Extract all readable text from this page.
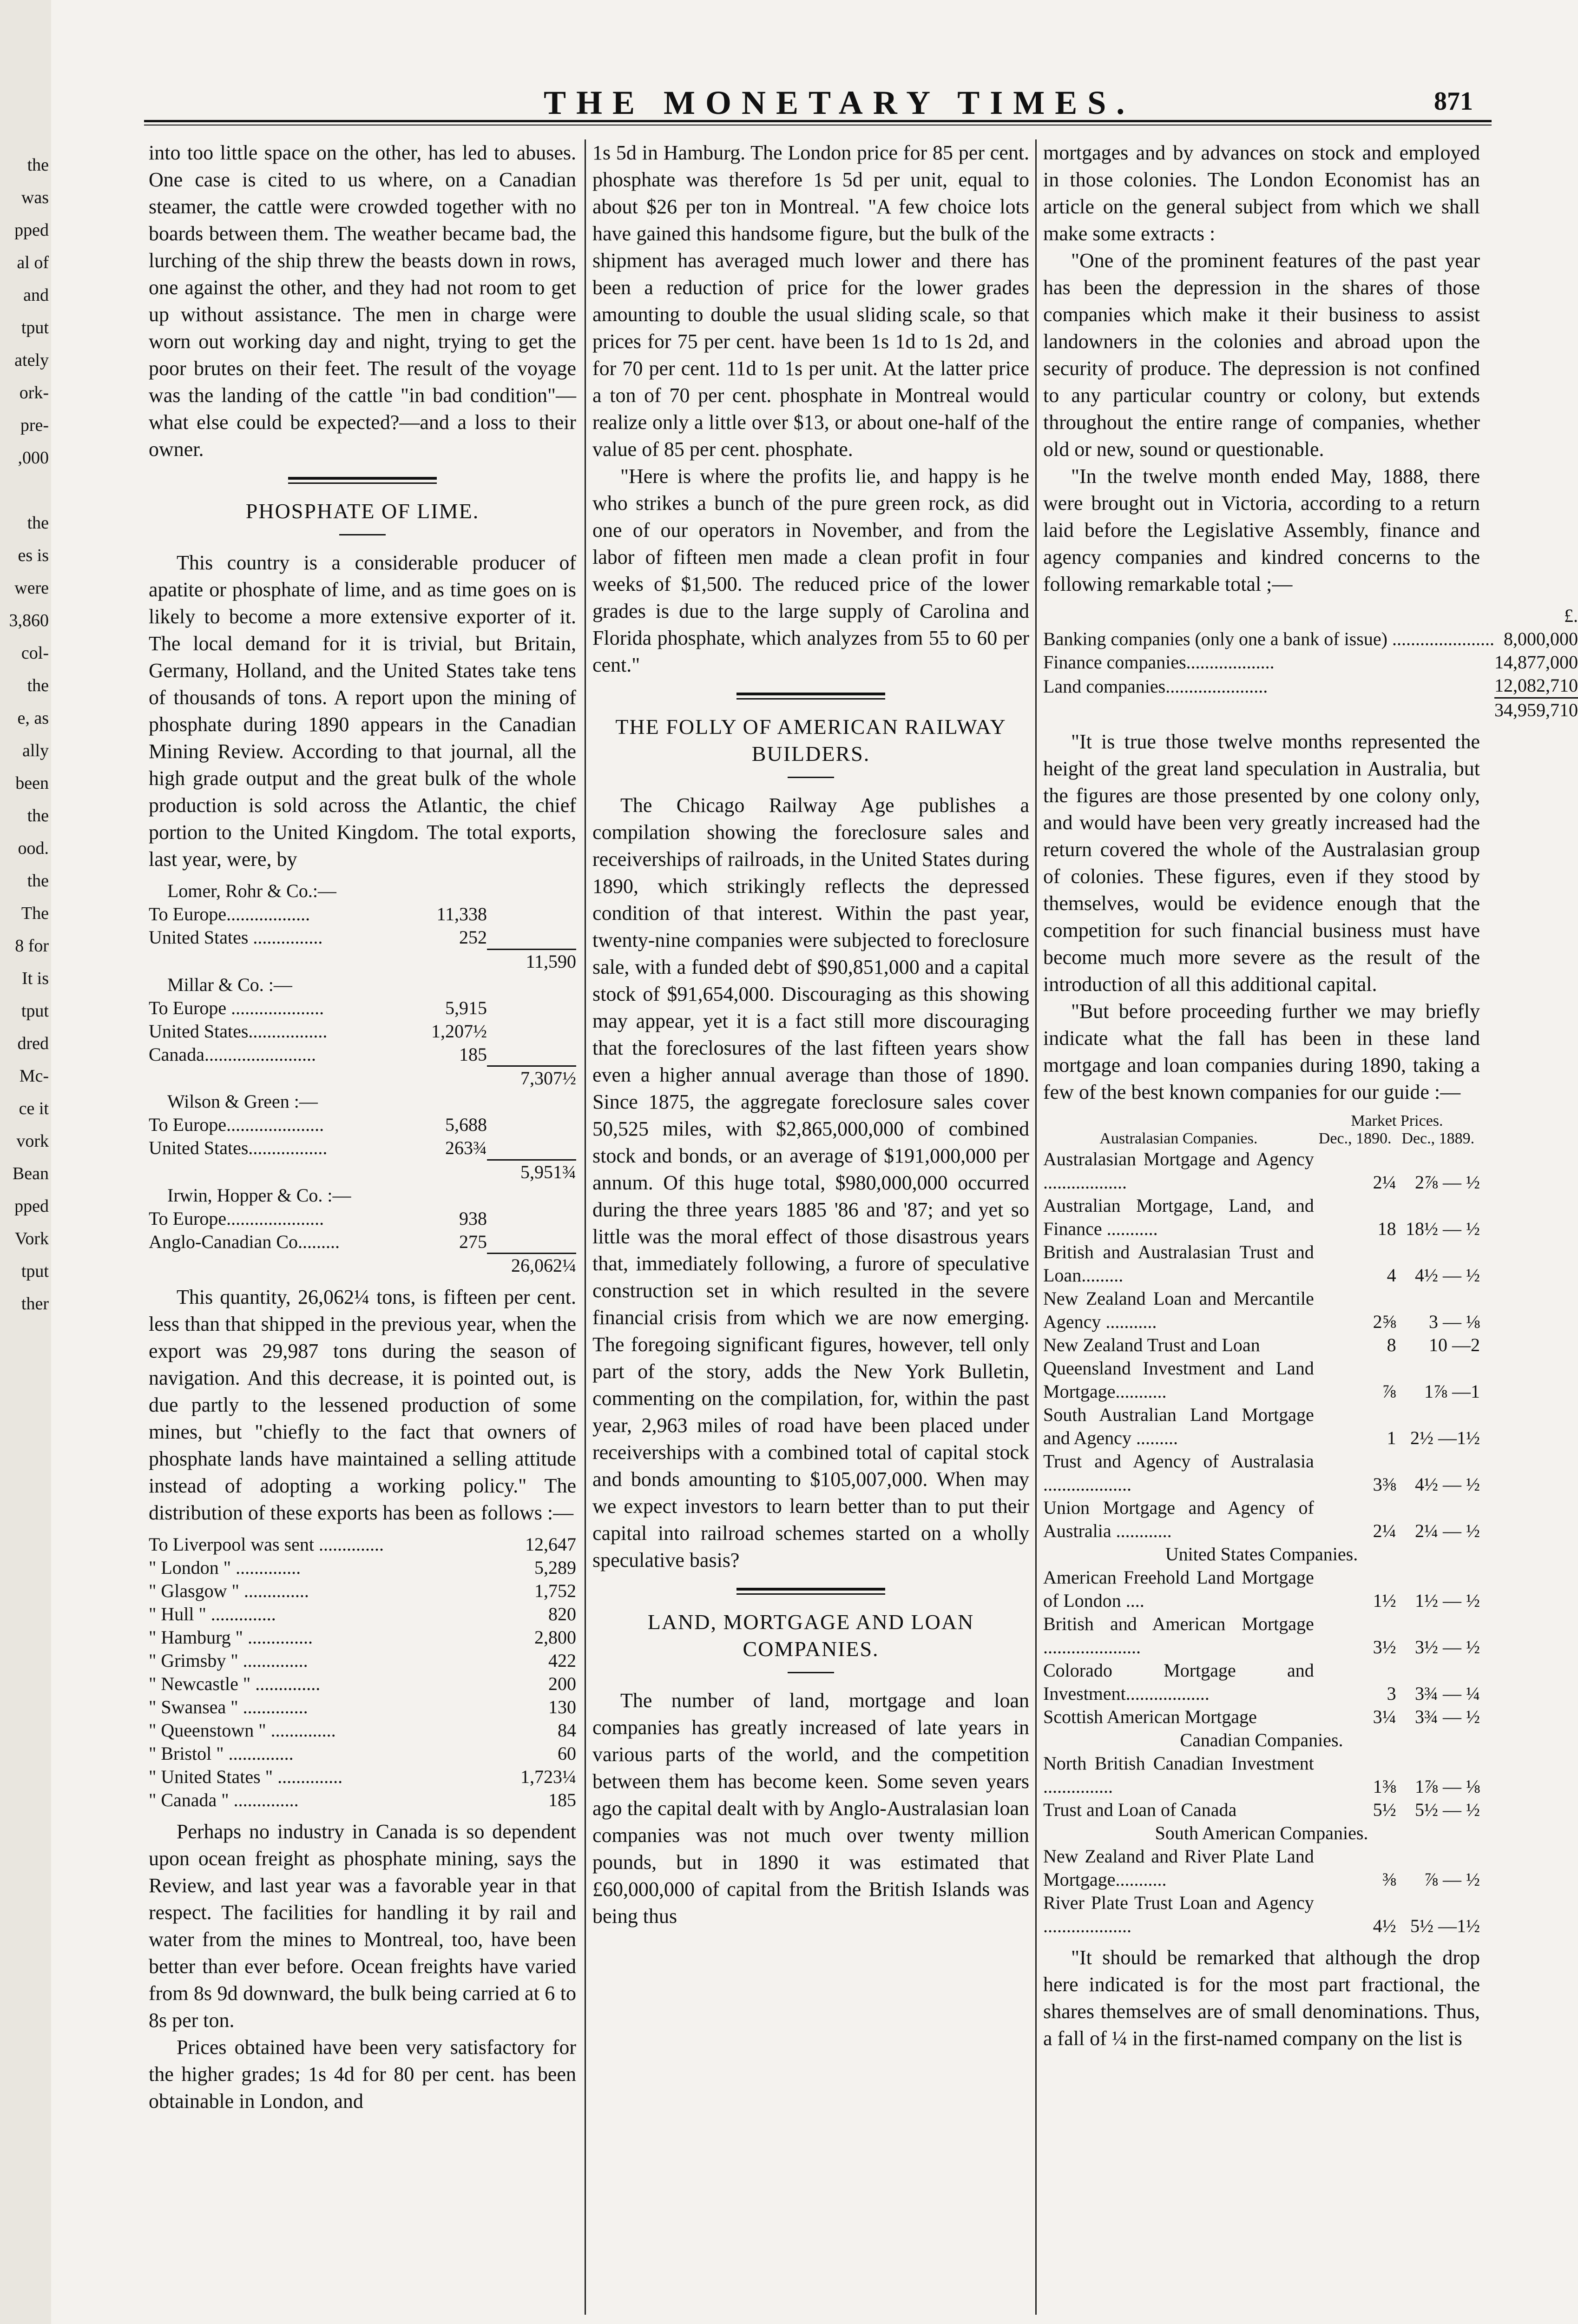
the
was
pped
al of
and
tput
ately
ork-
pre-
,000
the
es is
were
3,860
col-
the
e, as
ally
been
the
ood.
the
The
8 for
It is
tput
dred
Mc-
ce it
vork
Bean
pped
Vork
tput
ther
THE MONETARY TIMES.	871

into too little space on the other, has led to abuses. One case is cited to us where, on a Canadian steamer, the cattle were crowded together with no boards between them. The weather became bad, the lurching of the ship threw the beasts down in rows, one against the other, and they had not room to get up without assistance. The men in charge were worn out working day and night, trying to get the poor brutes on their feet. The result of the voyage was the landing of the cattle "in bad condition"—what else could be expected?—and a loss to their owner.

PHOSPHATE OF LIME.

This country is a considerable producer of apatite or phosphate of lime, and as time goes on is likely to become a more extensive exporter of it. The local demand for it is trivial, but Britain, Germany, Holland, and the United States take tens of thousands of tons. A report upon the mining of phosphate during 1890 appears in the Canadian Mining Review. According to that journal, all the high grade output and the great bulk of the whole production is sold across the Atlantic, the chief portion to the United Kingdom. The total exports, last year, were, by

Lomer, Rohr & Co.:—		
To Europe..................	11,338	
United States ...............	252	
		11,590
Millar & Co. :—		
To Europe ....................	5,915	
United States.................	1,207½	
Canada........................	185	
		7,307½
Wilson & Green :—		
To Europe.....................	5,688	
United States.................	263¾	
		5,951¾
Irwin, Hopper & Co. :—		
To Europe.....................	938	
Anglo-Canadian Co.........	275	
		26,062¼

This quantity, 26,062¼ tons, is fifteen per cent. less than that shipped in the previous year, when the export was 29,987 tons during the season of navigation. And this decrease, it is pointed out, is due partly to the lessened production of some mines, but "chiefly to the fact that owners of phosphate lands have maintained a selling attitude instead of adopting a working policy." The distribution of these exports has been as follows :—

To Liverpool was sent ..............	12,647
" London " ..............	5,289
" Glasgow " ..............	1,752
" Hull " ..............	820
" Hamburg " ..............	2,800
" Grimsby " ..............	422
" Newcastle " ..............	200
" Swansea " ..............	130
" Queenstown " ..............	84
" Bristol " ..............	60
" United States " ..............	1,723¼
" Canada " ..............	185

Perhaps no industry in Canada is so dependent upon ocean freight as phosphate mining, says the Review, and last year was a favorable year in that respect. The facilities for handling it by rail and water from the mines to Montreal, too, have been better than ever before. Ocean freights have varied from 8s 9d downward, the bulk being carried at 6 to 8s per ton.

Prices obtained have been very satisfactory for the higher grades; 1s 4d for 80 per cent. has been obtainable in London, and

1s 5d in Hamburg. The London price for 85 per cent. phosphate was therefore 1s 5d per unit, equal to about $26 per ton in Montreal. "A few choice lots have gained this handsome figure, but the bulk of the shipment has averaged much lower and there has been a reduction of price for the lower grades amounting to double the usual sliding scale, so that prices for 75 per cent. have been 1s 1d to 1s 2d, and for 70 per cent. 11d to 1s per unit. At the latter price a ton of 70 per cent. phosphate in Montreal would realize only a little over $13, or about one-half of the value of 85 per cent. phosphate.

"Here is where the profits lie, and happy is he who strikes a bunch of the pure green rock, as did one of our operators in November, and from the labor of fifteen men made a clean profit in four weeks of $1,500. The reduced price of the lower grades is due to the large supply of Carolina and Florida phosphate, which analyzes from 55 to 60 per cent."

THE FOLLY OF AMERICAN RAILWAY BUILDERS.

The Chicago Railway Age publishes a compilation showing the foreclosure sales and receiverships of railroads, in the United States during 1890, which strikingly reflects the depressed condition of that interest. Within the past year, twenty-nine companies were subjected to foreclosure sale, with a funded debt of $90,851,000 and a capital stock of $91,654,000. Discouraging as this showing may appear, yet it is a fact still more discouraging that the foreclosures of the last fifteen years show even a higher annual average than those of 1890. Since 1875, the aggregate foreclosure sales cover 50,525 miles, with $2,865,000,000 of combined stock and bonds, or an average of $191,000,000 per annum. Of this huge total, $980,000,000 occurred during the three years 1885 '86 and '87; and yet so little was the moral effect of those disastrous years that, immediately following, a furore of speculative construction set in which resulted in the severe financial crisis from which we are now emerging. The foregoing significant figures, however, tell only part of the story, adds the New York Bulletin, commenting on the compilation, for, within the past year, 2,963 miles of road have been placed under receiverships with a combined total of capital stock and bonds amounting to $105,007,000. When may we expect investors to learn better than to put their capital into railroad schemes started on a wholly speculative basis?

LAND, MORTGAGE AND LOAN COMPANIES.

The number of land, mortgage and loan companies has greatly increased of late years in various parts of the world, and the competition between them has become keen. Some seven years ago the capital dealt with by Anglo-Australasian loan companies was not much over twenty million pounds, but in 1890 it was estimated that £60,000,000 of capital from the British Islands was being thus

mortgages and by advances on stock and employed in those colonies. The London Economist has an article on the general subject from which we shall make some extracts :

"One of the prominent features of the past year has been the depression in the shares of those companies which make it their business to assist landowners in the colonies and abroad upon the security of produce. The depression is not confined to any particular country or colony, but extends throughout the entire range of companies, whether old or new, sound or questionable.

"In the twelve month ended May, 1888, there were brought out in Victoria, according to a return laid before the Legislative Assembly, finance and agency companies and kindred concerns to the following remarkable total ;—

	£.
Banking companies (only one a bank of issue) ......................	8,000,000
Finance companies...................	14,877,000
Land companies......................	12,082,710
	34,959,710

"It is true those twelve months represented the height of the great land speculation in Australia, but the figures are those presented by one colony only, and would have been very greatly increased had the return covered the whole of the Australasian group of colonies. These figures, even if they stood by themselves, would be evidence enough that the competition for such financial business must have become much more severe as the result of the introduction of all this additional capital.

"But before proceeding further we may briefly indicate what the fall has been in these land mortgage and loan companies during 1890, taking a few of the best known companies for our guide :—

	Market Prices.	
Australasian Companies.	Dec., 1890.	Dec., 1889.
Australasian Mortgage and Agency ..................	2¼	2⅞ — ½
Australian Mortgage, Land, and Finance ...........	18	18½ — ½
British and Australasian Trust and Loan.........	4	4½ — ½
New Zealand Loan and Mercantile Agency ...........	2⅝	3 — ⅛
New Zealand Trust and Loan	8	10 —2
Queensland Investment and Land Mortgage...........	⅞	1⅞ —1
South Australian Land Mortgage and Agency .........	1	2½ —1½
Trust and Agency of Australasia ...................	3⅜	4½ — ½
Union Mortgage and Agency of Australia ............	2¼	2¼ — ½
United States Companies.		
American Freehold Land Mortgage of London ....	1½	1½ — ½
British and American Mortgage .....................	3½	3½ — ½
Colorado Mortgage and Investment..................	3	3¾ — ¼
Scottish American Mortgage	3¼	3¾ — ½
Canadian Companies.		
North British Canadian Investment ...............	1⅜	1⅞ — ⅛
Trust and Loan of Canada	5½	5½ — ½
South American Companies.		
New Zealand and River Plate Land Mortgage...........	⅜	⅞ — ½
River Plate Trust Loan and Agency ...................	4½	5½ —1½

"It should be remarked that although the drop here indicated is for the most part fractional, the shares themselves are of small denominations. Thus, a fall of ¼ in the first-named company on the list is
